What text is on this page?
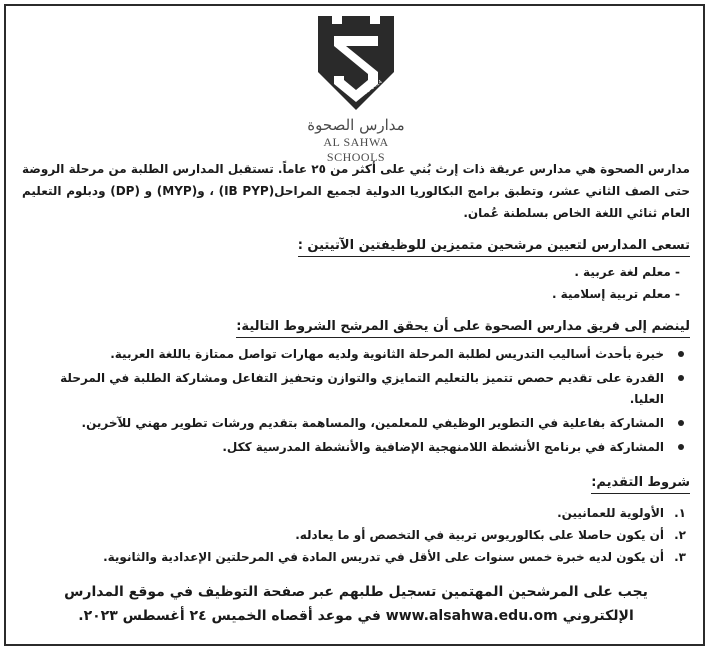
1993-1414
مدارس الصحوة
AL SAHWA SCHOOLS

مدارس الصحوة هي مدارس عريقة ذات إرث بُني على أكثر من ٢٥ عاماً. تستقبل المدارس الطلبة من مرحلة الروضة حتى الصف الثاني عشر، وتطبق برامج البكالوريا الدولية لجميع المراحل(IB PYP) ، و(MYP) و (DP) ودبلوم التعليم العام ثنائي اللغة الخاص بسلطنة عُمان.

تسعى المدارس لتعيين مرشحين متميزين للوظيفتين الآتيتين :
- معلم لغة عربية .
- معلم تربية إسلامية .
لينضم إلى فريق مدارس الصحوة على أن يحقق المرشح الشروط التالية:
خبرة بأحدث أساليب التدريس لطلبة المرحلة الثانوية ولديه مهارات تواصل ممتازة باللغة العربية.
القدرة على تقديم حصص تتميز بالتعليم التمايزي والتوازن وتحفيز التفاعل ومشاركة الطلبة في المرحلة العليا.
المشاركة بفاعلية في التطوير الوظيفي للمعلمين، والمساهمة بتقديم ورشات تطوير مهني للآخرين.
المشاركة في برنامج الأنشطة اللامنهجية الإضافية والأنشطة المدرسية ككل.
شروط التقديم:
١.
الأولوية للعمانيين.
٢.
أن يكون حاصلا على بكالوريوس تربية في التخصص أو ما يعادله.
٣.
أن يكون لديه خبرة خمس سنوات على الأقل في تدريس المادة في المرحلتين الإعدادية والثانوية.
يجب على المرشحين المهتمين تسجيل طلبهم عبر صفحة التوظيف في موقع المدارس
الإلكتروني www.alsahwa.edu.om في موعد أقصاه الخميس ٢٤ أغسطس ٢٠٢٣.
